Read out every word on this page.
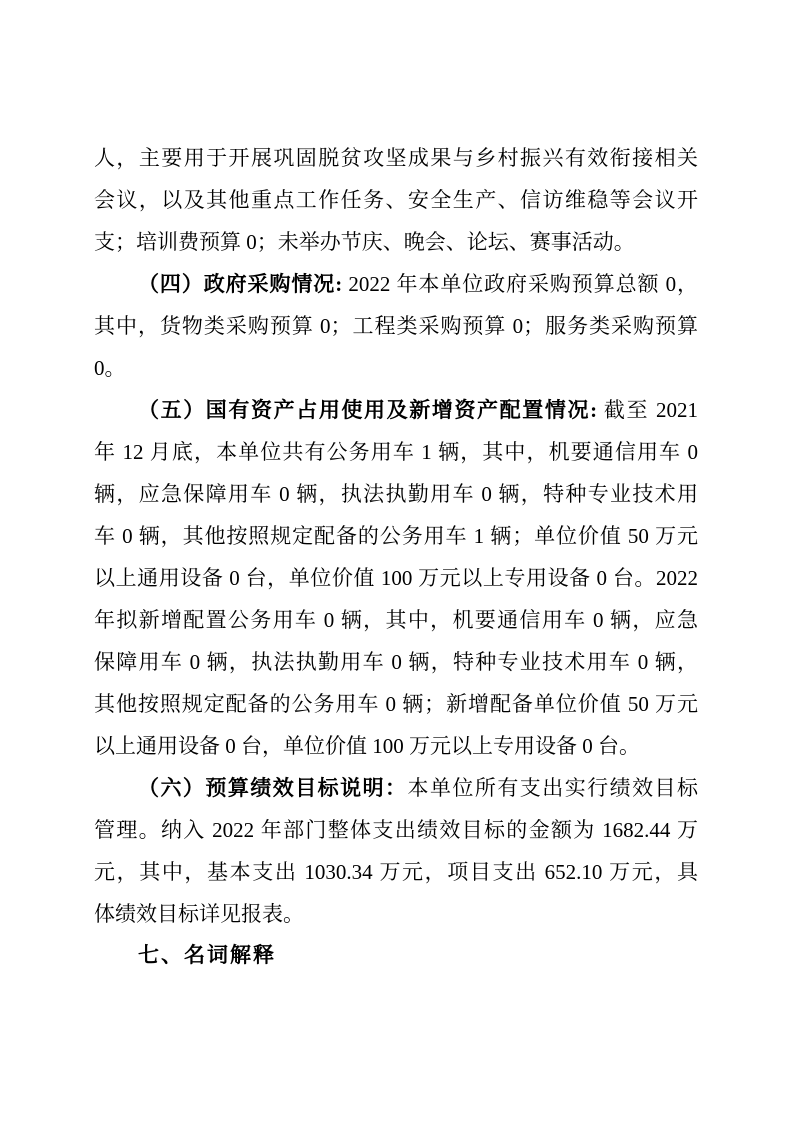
人，主要用于开展巩固脱贫攻坚成果与乡村振兴有效衔接相关
会议，以及其他重点工作任务、安全生产、信访维稳等会议开
支；培训费预算 0；未举办节庆、晚会、论坛、赛事活动。
（四）政府采购情况: 2022 年本单位政府采购预算总额 0，
其中，货物类采购预算 0；工程类采购预算 0；服务类采购预算
0。
（五）国有资产占用使用及新增资产配置情况: 截至 2021
年 12 月底，本单位共有公务用车 1 辆，其中，机要通信用车 0
辆，应急保障用车 0 辆，执法执勤用车 0 辆，特种专业技术用
车 0 辆，其他按照规定配备的公务用车 1 辆；单位价值 50 万元
以上通用设备 0 台，单位价值 100 万元以上专用设备 0 台。2022
年拟新增配置公务用车 0 辆，其中，机要通信用车 0 辆，应急
保障用车 0 辆，执法执勤用车 0 辆，特种专业技术用车 0 辆，
其他按照规定配备的公务用车 0 辆；新增配备单位价值 50 万元
以上通用设备 0 台，单位价值 100 万元以上专用设备 0 台。
（六）预算绩效目标说明：本单位所有支出实行绩效目标
管理。纳入 2022 年部门整体支出绩效目标的金额为 1682.44 万
元，其中，基本支出 1030.34 万元，项目支出 652.10 万元，具
体绩效目标详见报表。
七、名词解释
